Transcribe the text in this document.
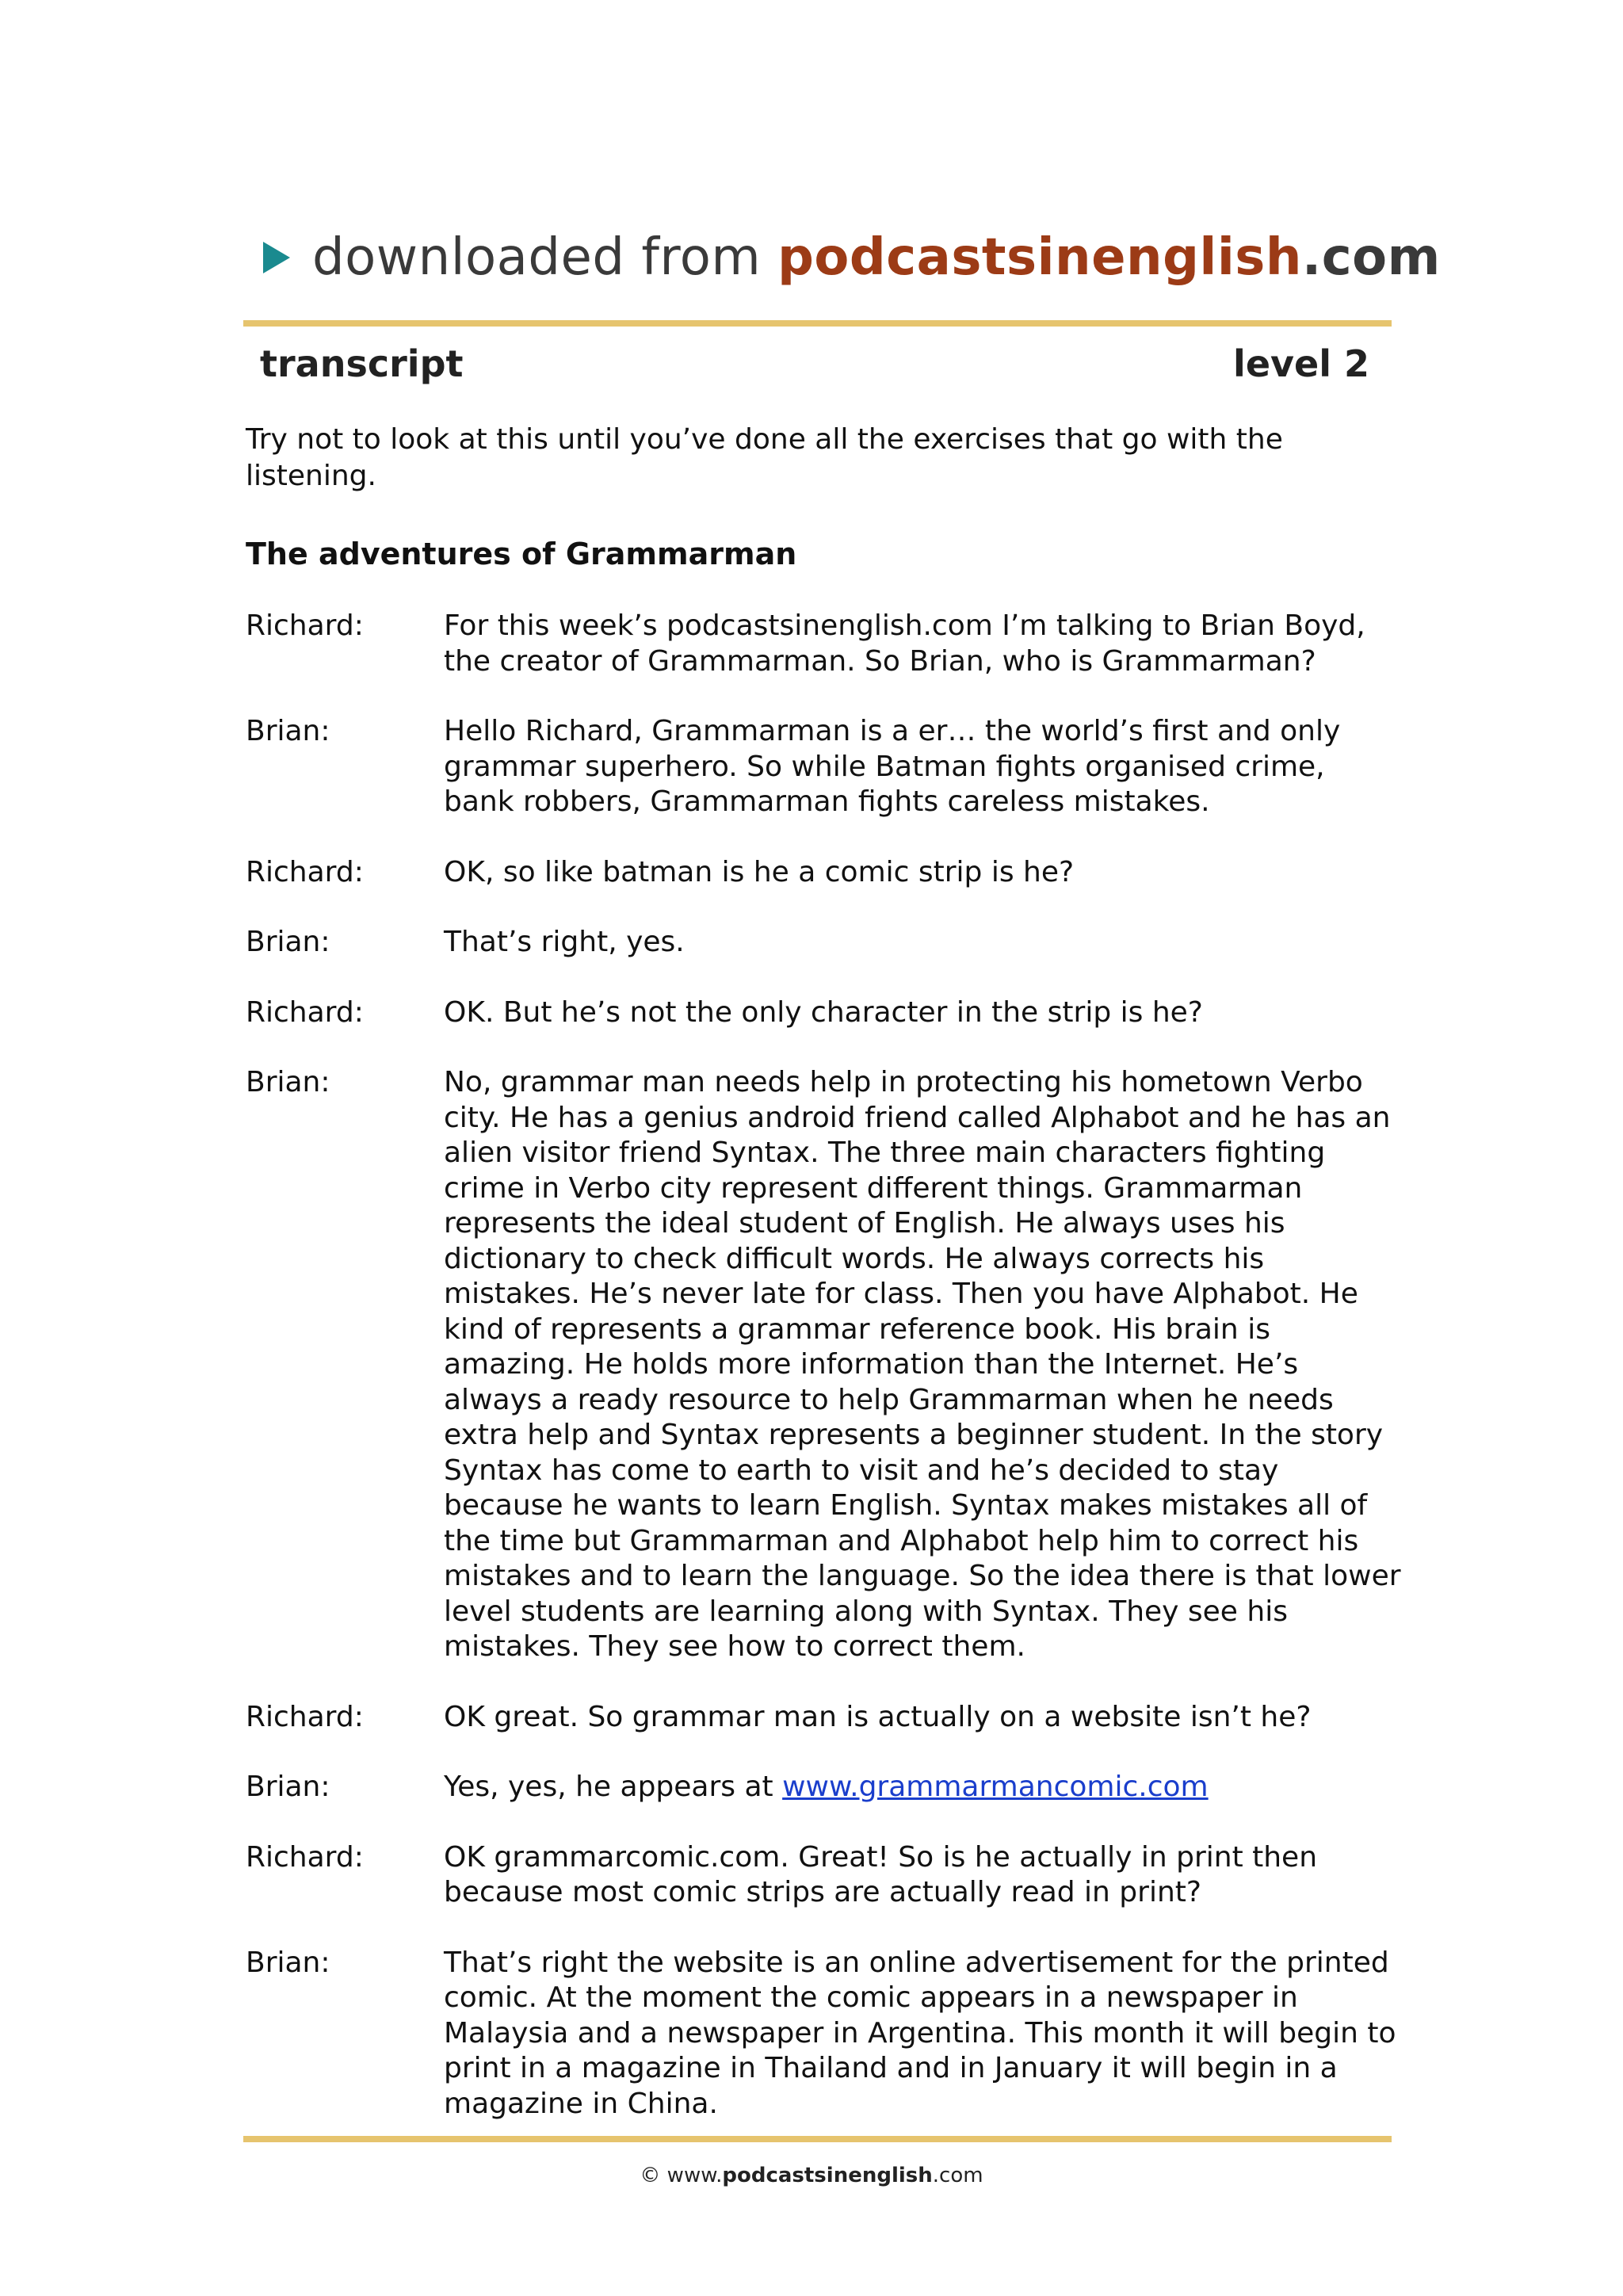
downloaded from podcastsinenglish.com
transcript	level 2
Try not to look at this until you’ve done all the exercises that go with the listening.
The adventures of Grammarman
Richard:	For this week’s podcastsinenglish.com I’m talking to Brian Boyd, the creator of Grammarman. So Brian, who is Grammarman?
Brian:	Hello Richard, Grammarman is a er… the world’s first and only grammar superhero. So while Batman fights organised crime, bank robbers, Grammarman fights careless mistakes.
Richard:	OK, so like batman is he a comic strip is he?
Brian:	That’s right, yes.
Richard:	OK. But he’s not the only character in the strip is he?
Brian:	No, grammar man needs help in protecting his hometown Verbo city. He has a genius android friend called Alphabot and he has an alien visitor friend Syntax. The three main characters fighting crime in Verbo city represent different things. Grammarman represents the ideal student of English. He always uses his dictionary to check difficult words. He always corrects his mistakes. He’s never late for class. Then you have Alphabot. He kind of represents a grammar reference book. His brain is amazing. He holds more information than the Internet. He’s always a ready resource to help Grammarman when he needs extra help and Syntax represents a beginner student. In the story Syntax has come to earth to visit and he’s decided to stay because he wants to learn English. Syntax makes mistakes all of the time but Grammarman and Alphabot help him to correct his mistakes and to learn the language. So the idea there is that lower level students are learning along with Syntax. They see his mistakes. They see how to correct them.
Richard:	OK great. So grammar man is actually on a website isn’t he?
Brian:	Yes, yes, he appears at www.grammarmancomic.com
Richard:	OK grammarcomic.com. Great! So is he actually in print then because most comic strips are actually read in print?
Brian:	That’s right the website is an online advertisement for the printed comic. At the moment the comic appears in a newspaper in Malaysia and a newspaper in Argentina. This month it will begin to print in a magazine in Thailand and in January it will begin in a magazine in China.
© www.podcastsinenglish.com
